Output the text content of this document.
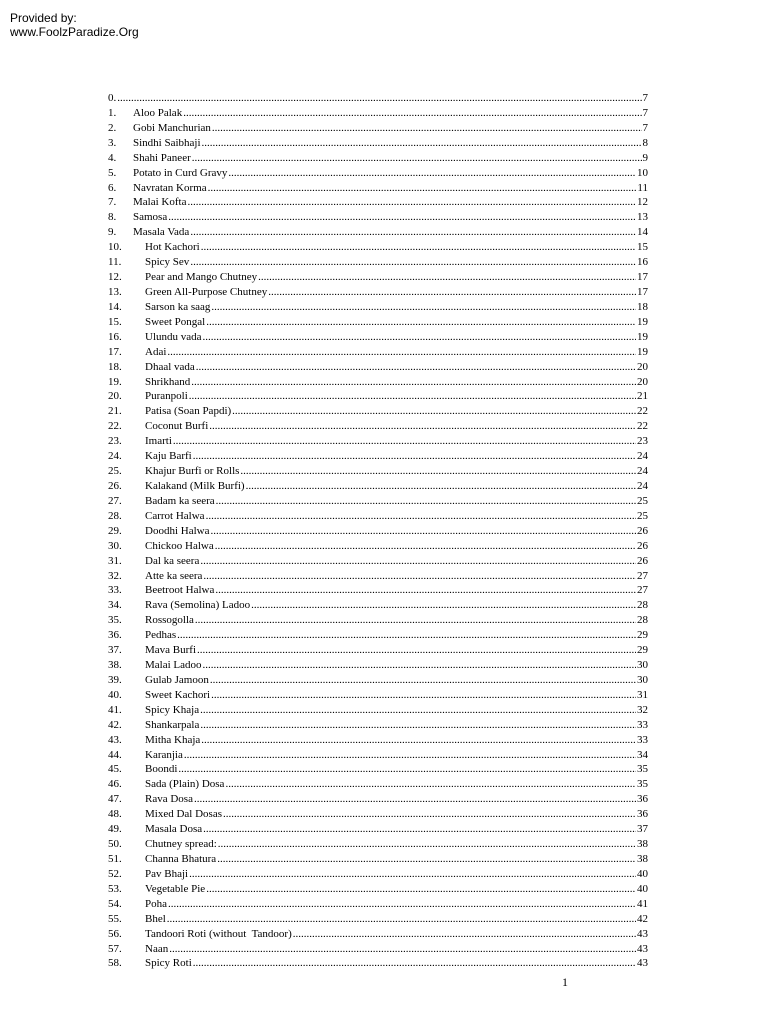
Provided by:
www.FoolzParadize.Org
0. .....	7
1.	Aloo Palak .....	7
2.	Gobi Manchurian .....	7
3.	Sindhi Saibhaji .....	8
4.	Shahi Paneer .....	9
5.	Potato in Curd Gravy .....	10
6.	Navratan Korma .....	11
7.	Malai Kofta .....	12
8.	Samosa .....	13
9.	Masala Vada .....	14
10.	Hot Kachori .....	15
11.	Spicy Sev .....	16
12.	Pear and Mango Chutney .....	17
13.	Green All-Purpose Chutney .....	17
14.	Sarson ka saag .....	18
15.	Sweet Pongal .....	19
16.	Ulundu vada .....	19
17.	Adai .....	19
18.	Dhaal vada .....	20
19.	Shrikhand .....	20
20.	Puranpoli .....	21
21.	Patisa (Soan Papdi) .....	22
22.	Coconut Burfi .....	22
23.	Imarti .....	23
24.	Kaju Barfi .....	24
25.	Khajur Burfi or Rolls .....	24
26.	Kalakand (Milk Burfi) .....	24
27.	Badam ka seera .....	25
28.	Carrot Halwa .....	25
29.	Doodhi Halwa .....	26
30.	Chickoo Halwa .....	26
31.	Dal ka seera .....	26
32.	Atte ka seera .....	27
33.	Beetroot Halwa .....	27
34.	Rava (Semolina) Ladoo .....	28
35.	Rossogolla .....	28
36.	Pedhas .....	29
37.	Mava Burfi .....	29
38.	Malai Ladoo .....	30
39.	Gulab Jamoon .....	30
40.	Sweet Kachori .....	31
41.	Spicy Khaja .....	32
42.	Shankarpala .....	33
43.	Mitha Khaja .....	33
44.	Karanjia .....	34
45.	Boondi .....	35
46.	Sada (Plain) Dosa .....	35
47.	Rava Dosa .....	36
48.	Mixed Dal Dosas .....	36
49.	Masala Dosa .....	37
50.	Chutney spread: .....	38
51.	Channa Bhatura .....	38
52.	Pav Bhaji .....	40
53.	Vegetable Pie .....	40
54.	Poha .....	41
55.	Bhel .....	42
56.	Tandoori Roti (without  Tandoor) .....	43
57.	Naan .....	43
58.	Spicy Roti .....	43
1
